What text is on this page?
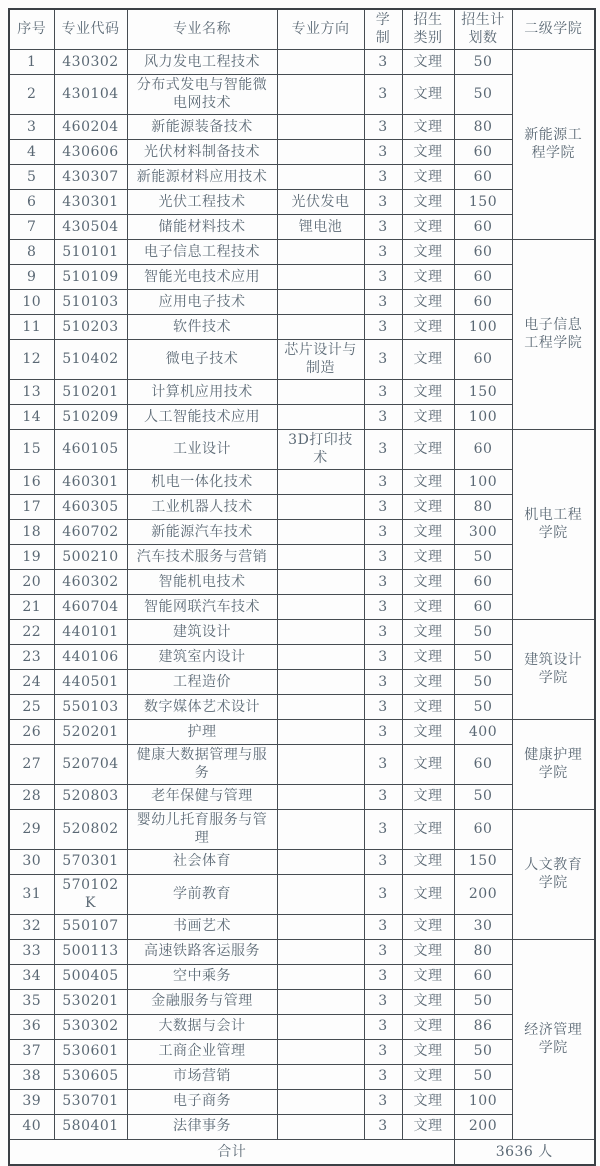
序号	专业代码	专业名称	专业方向	学制	招生类别	招生计划数	二级学院
1	430302	风力发电工程技术		3	文理	50	新能源工程学院
2	430104	分布式发电与智能微电网技术		3	文理	50	
3	460204	新能源装备技术		3	文理	80	
4	430606	光伏材料制备技术		3	文理	60	
5	430307	新能源材料应用技术		3	文理	60	
6	430301	光伏工程技术	光伏发电	3	文理	150	
7	430504	储能材料技术	锂电池	3	文理	60	
8	510101	电子信息工程技术		3	文理	60	电子信息工程学院
9	510109	智能光电技术应用		3	文理	60	
10	510103	应用电子技术		3	文理	60	
11	510203	软件技术		3	文理	100	
12	510402	微电子技术	芯片设计与制造	3	文理	60	
13	510201	计算机应用技术		3	文理	150	
14	510209	人工智能技术应用		3	文理	100	
15	460105	工业设计	3D打印技术	3	文理	60	机电工程学院
16	460301	机电一体化技术		3	文理	100	
17	460305	工业机器人技术		3	文理	80	
18	460702	新能源汽车技术		3	文理	300	
19	500210	汽车技术服务与营销		3	文理	50	
20	460302	智能机电技术		3	文理	60	
21	460704	智能网联汽车技术		3	文理	60	
22	440101	建筑设计		3	文理	50	建筑设计学院
23	440106	建筑室内设计		3	文理	50	
24	440501	工程造价		3	文理	50	
25	550103	数字媒体艺术设计		3	文理	50	
26	520201	护理		3	文理	400	健康护理学院
27	520704	健康大数据管理与服务		3	文理	60	
28	520803	老年保健与管理		3	文理	50	
29	520802	婴幼儿托育服务与管理		3	文理	60	人文教育学院
30	570301	社会体育		3	文理	150	
31	570102K	学前教育		3	文理	200	
32	550107	书画艺术		3	文理	30	
33	500113	高速铁路客运服务		3	文理	80	经济管理学院
34	500405	空中乘务		3	文理	60	
35	530201	金融服务与管理		3	文理	50	
36	530302	大数据与会计		3	文理	86	
37	530601	工商企业管理		3	文理	50	
38	530605	市场营销		3	文理	50	
39	530701	电子商务		3	文理	100	
40	580401	法律事务		3	文理	200	
合计						3636 人	
